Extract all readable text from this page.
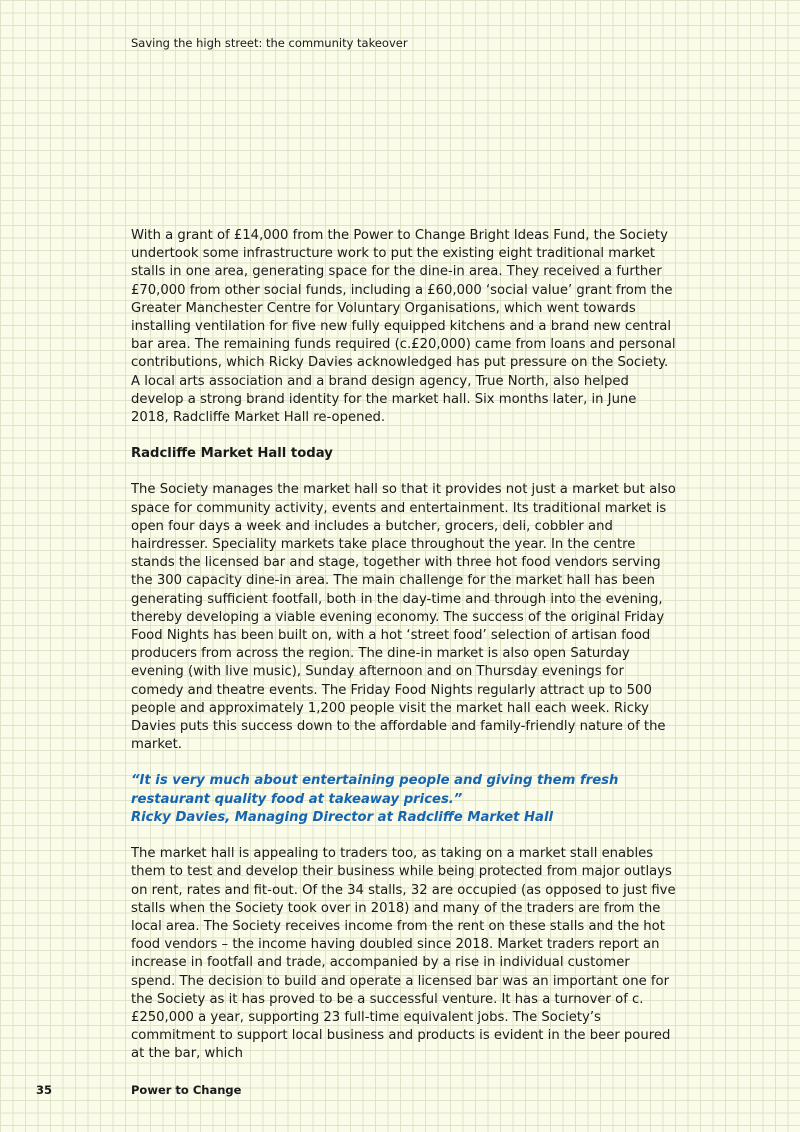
Saving the high street: the community takeover

With a grant of £14,000 from the Power to Change Bright Ideas Fund, the Society undertook some infrastructure work to put the existing eight traditional market stalls in one area, generating space for the dine-in area. They received a further £70,000 from other social funds, including a £60,000 ‘social value’ grant from the Greater Manchester Centre for Voluntary Organisations, which went towards installing ventilation for five new fully equipped kitchens and a brand new central bar area. The remaining funds required (c.£20,000) came from loans and personal contributions, which Ricky Davies acknowledged has put pressure on the Society. A local arts association and a brand design agency, True North, also helped develop a strong brand identity for the market hall. Six months later, in June 2018, Radcliffe Market Hall re-opened.

Radcliffe Market Hall today

The Society manages the market hall so that it provides not just a market but also space for community activity, events and entertainment. Its traditional market is open four days a week and includes a butcher, grocers, deli, cobbler and hairdresser. Speciality markets take place throughout the year. In the centre stands the licensed bar and stage, together with three hot food vendors serving the 300 capacity dine-in area. The main challenge for the market hall has been generating sufficient footfall, both in the day-time and through into the evening, thereby developing a viable evening economy. The success of the original Friday Food Nights has been built on, with a hot ‘street food’ selection of artisan food producers from across the region. The dine-in market is also open Saturday evening (with live music), Sunday afternoon and on Thursday evenings for comedy and theatre events. The Friday Food Nights regularly attract up to 500 people and approximately 1,200 people visit the market hall each week. Ricky Davies puts this success down to the affordable and family-friendly nature of the market.

“It is very much about entertaining people and giving them fresh restaurant quality food at takeaway prices.”
Ricky Davies, Managing Director at Radcliffe Market Hall

The market hall is appealing to traders too, as taking on a market stall enables them to test and develop their business while being protected from major outlays on rent, rates and fit-out. Of the 34 stalls, 32 are occupied (as opposed to just five stalls when the Society took over in 2018) and many of the traders are from the local area. The Society receives income from the rent on these stalls and the hot food vendors – the income having doubled since 2018. Market traders report an increase in footfall and trade, accompanied by a rise in individual customer spend. The decision to build and operate a licensed bar was an important one for the Society as it has proved to be a successful venture. It has a turnover of c.£250,000 a year, supporting 23 full-time equivalent jobs. The Society’s commitment to support local business and products is evident in the beer poured at the bar, which

35	Power to Change
